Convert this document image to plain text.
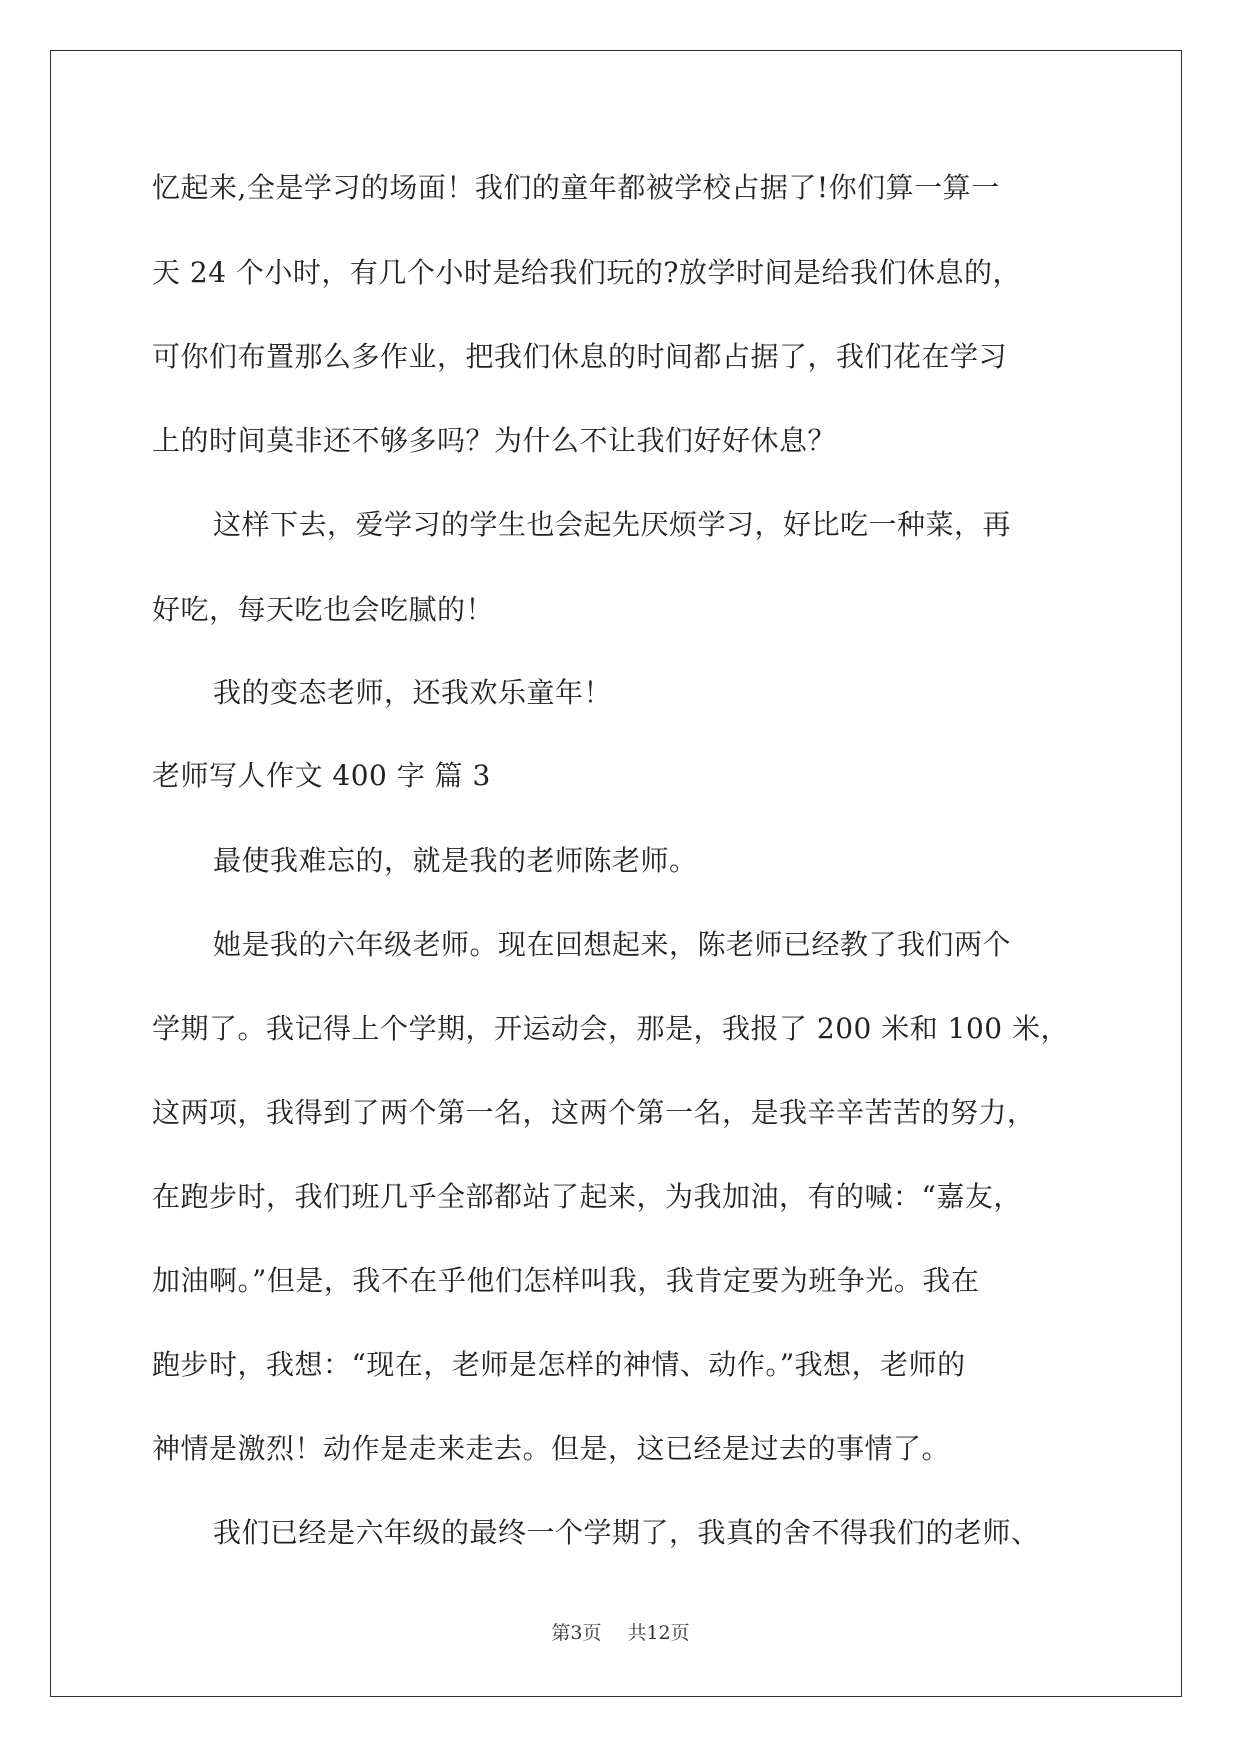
忆起来,全是学习的场面！我们的童年都被学校占据了!你们算一算一
天 24 个小时，有几个小时是给我们玩的?放学时间是给我们休息的，
可你们布置那么多作业，把我们休息的时间都占据了，我们花在学习
上的时间莫非还不够多吗？为什么不让我们好好休息？
这样下去，爱学习的学生也会起先厌烦学习，好比吃一种菜，再
好吃，每天吃也会吃腻的！
我的变态老师，还我欢乐童年！
老师写人作文 400 字 篇 3
最使我难忘的，就是我的老师陈老师。
她是我的六年级老师。现在回想起来，陈老师已经教了我们两个
学期了。我记得上个学期，开运动会，那是，我报了 200 米和 100 米，
这两项，我得到了两个第一名，这两个第一名，是我辛辛苦苦的努力，
在跑步时，我们班几乎全部都站了起来，为我加油，有的喊：“嘉友，
加油啊。”但是，我不在乎他们怎样叫我，我肯定要为班争光。我在
跑步时，我想：“现在，老师是怎样的神情、动作。”我想，老师的
神情是激烈！动作是走来走去。但是，这已经是过去的事情了。
我们已经是六年级的最终一个学期了，我真的舍不得我们的老师、
第3页 共12页
